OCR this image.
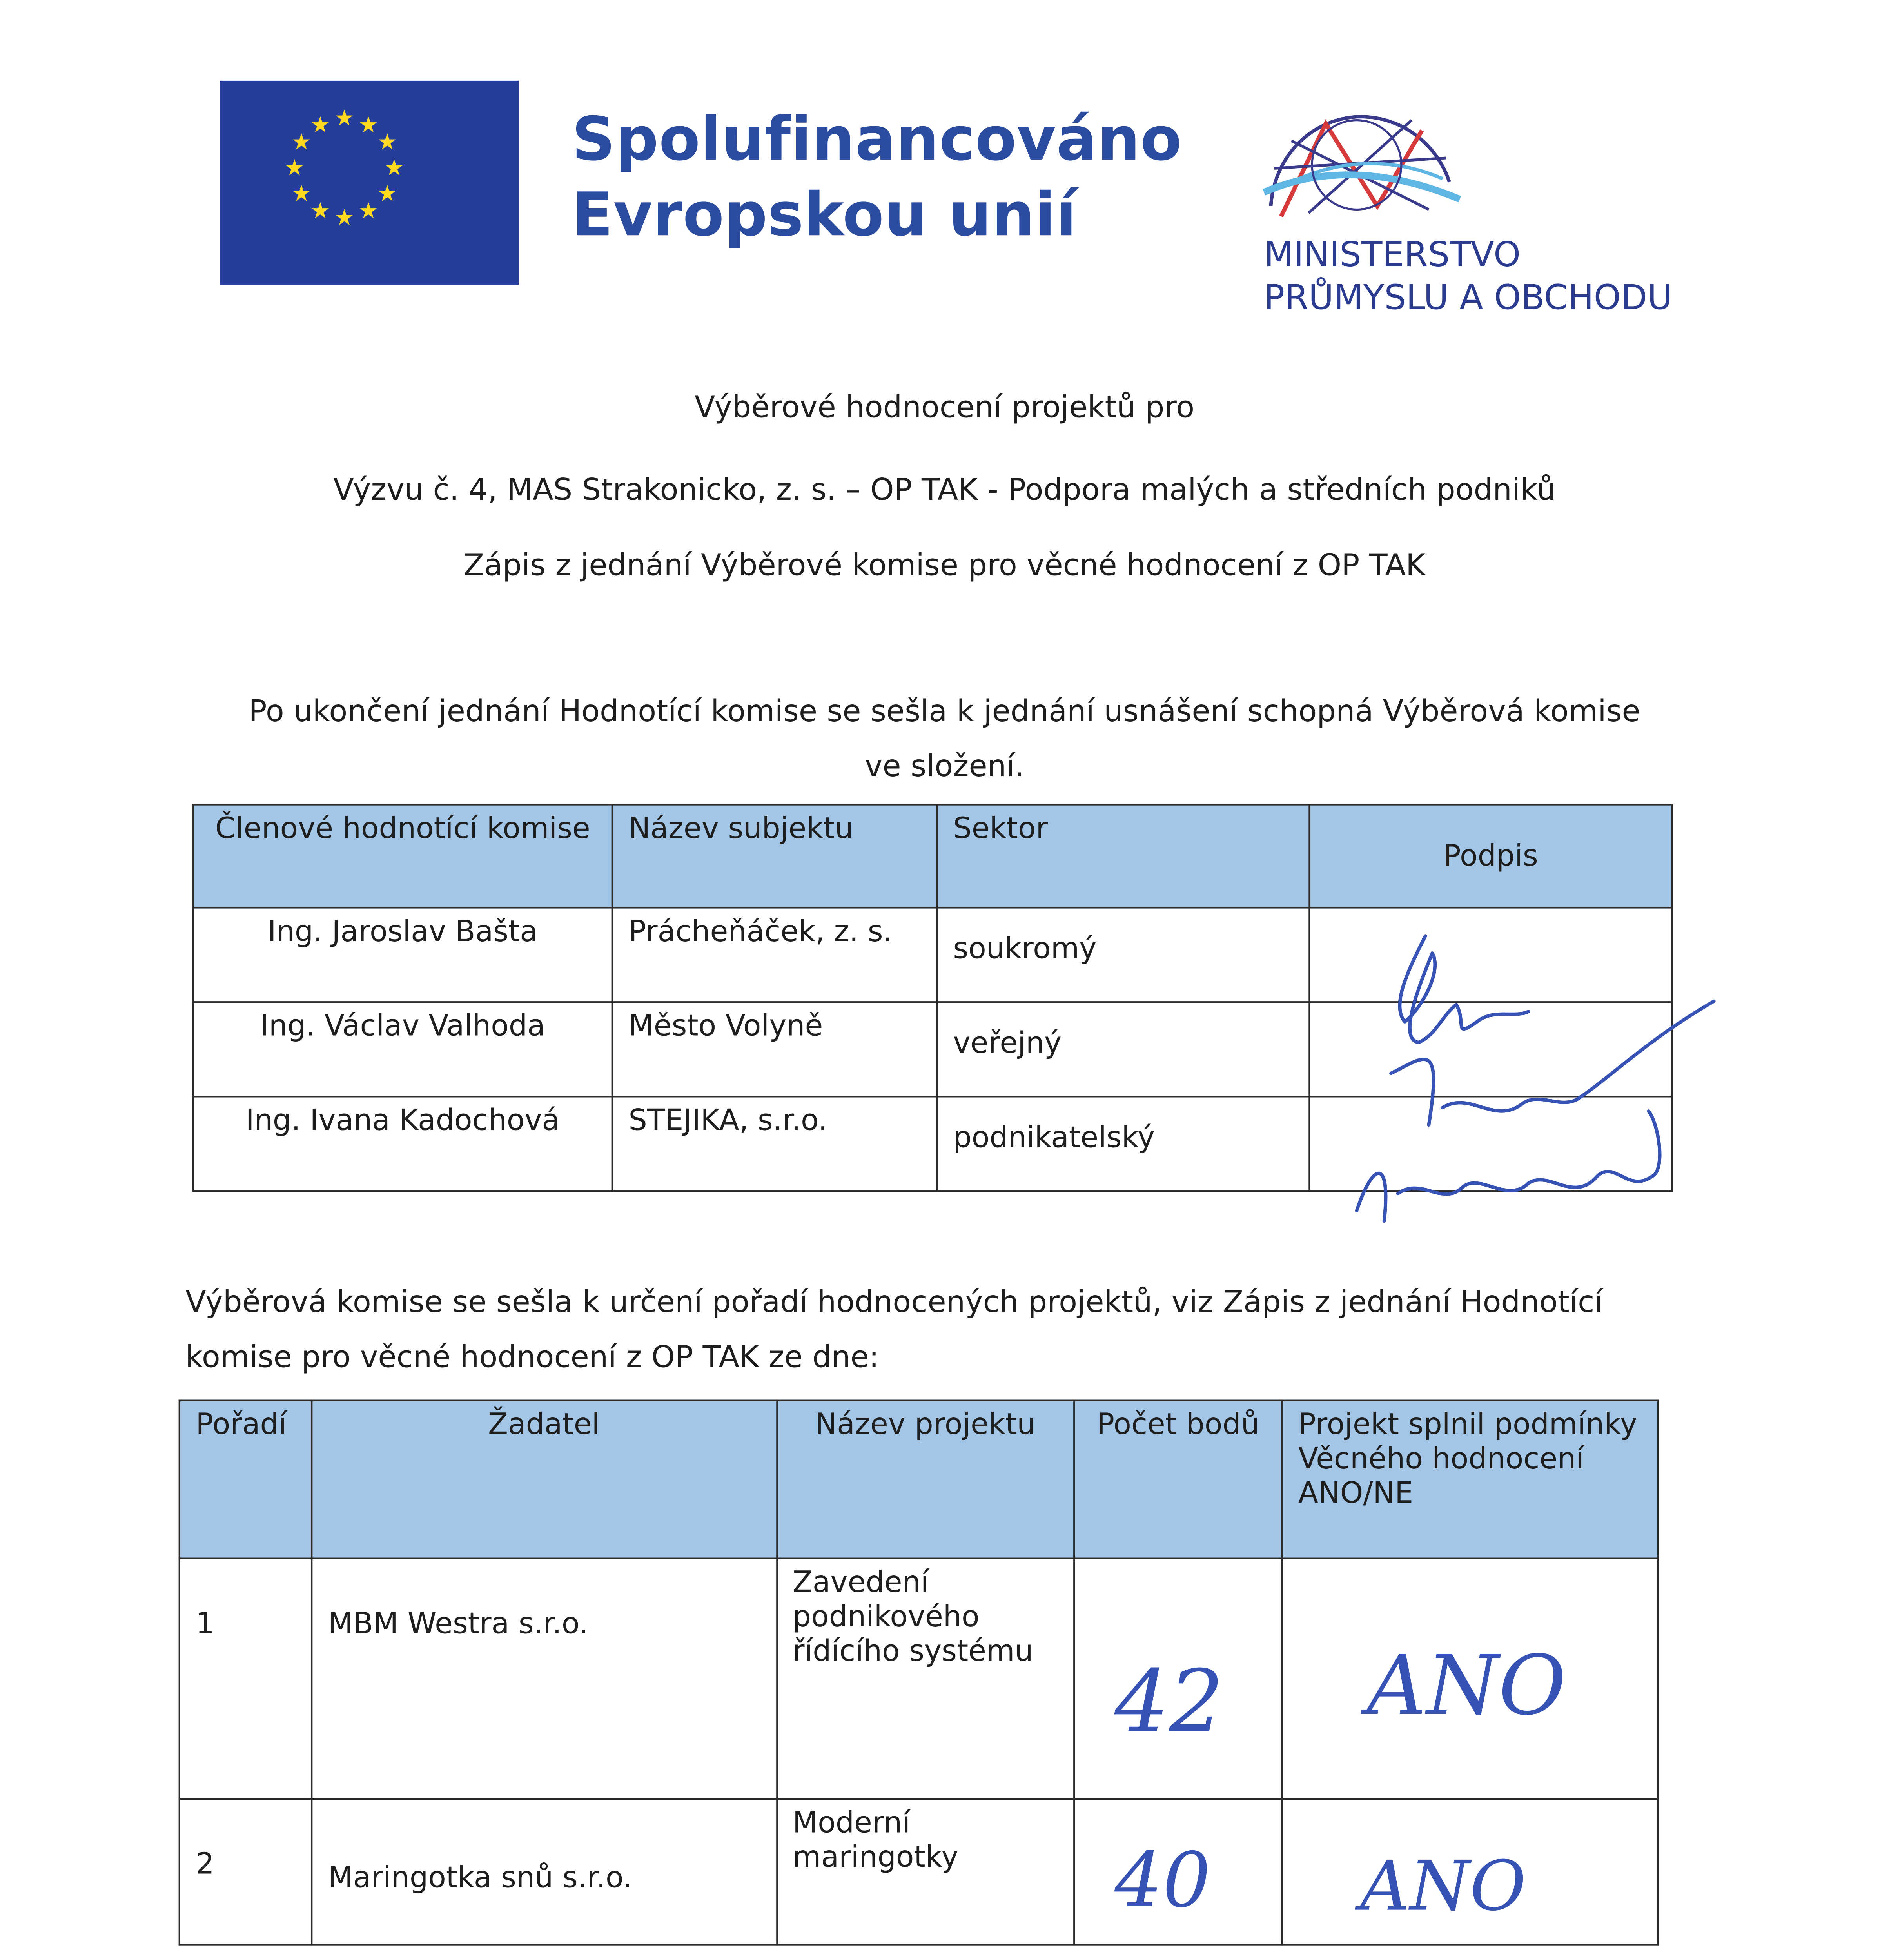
★ ★
★
★
★
★
★
★
★
★
★
★	Spolufinancováno
Evropskou unií
MINISTERSTVO
PRŮMYSLU A OBCHODU
Výběrové hodnocení projektů pro
Výzvu č. 4, MAS Strakonicko, z. s. – OP TAK - Podpora malých a středních podniků
Zápis z jednání Výběrové komise pro věcné hodnocení z OP TAK
Po ukončení jednání Hodnotící komise se sešla k jednání usnášení schopná Výběrová komise
ve složení.
Členové hodnotící komise	Název subjektu	Sektor	Podpis
Ing. Jaroslav Bašta	Prácheňáček, z. s.	soukromý	
Ing. Václav Valhoda	Město Volyně	veřejný	
Ing. Ivana Kadochová	STEJIKA, s.r.o.	podnikatelský	
Výběrová komise se sešla k určení pořadí hodnocených projektů, viz Zápis z jednání Hodnotící
komise pro věcné hodnocení z OP TAK ze dne:
Pořadí	Žadatel	Název projektu	Počet bodů	Projekt splnil podmínky Věcného hodnocení ANO/NE
1	MBM Westra s.r.o.	Zavedení podnikového řídícího systému	42	ANO

2	Maringotka snů s.r.o.	Moderní maringotky	40	ANO
